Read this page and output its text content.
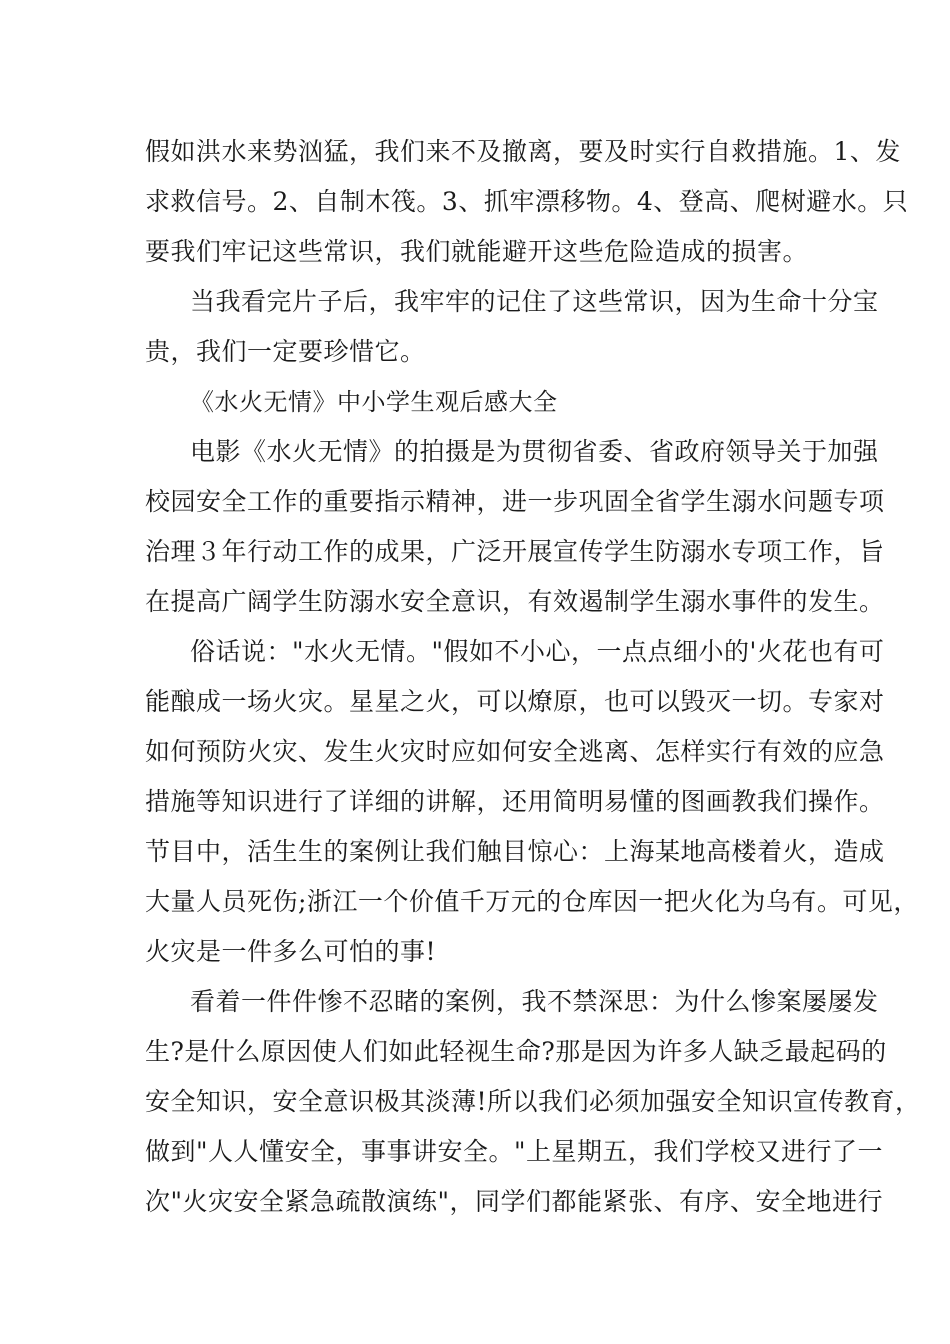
假如洪水来势汹猛，我们来不及撤离，要及时实行自救措施。1、发
求救信号。2、自制木筏。3、抓牢漂移物。4、登高、爬树避水。只
要我们牢记这些常识，我们就能避开这些危险造成的损害。
当我看完片子后，我牢牢的记住了这些常识，因为生命十分宝
贵，我们一定要珍惜它。
《水火无情》中小学生观后感大全
电影《水火无情》的拍摄是为贯彻省委、省政府领导关于加强
校园安全工作的重要指示精神，进一步巩固全省学生溺水问题专项
治理３年行动工作的成果，广泛开展宣传学生防溺水专项工作，旨
在提高广阔学生防溺水安全意识，有效遏制学生溺水事件的发生。
俗话说："水火无情。"假如不小心，一点点细小的'火花也有可
能酿成一场火灾。星星之火，可以燎原，也可以毁灭一切。专家对
如何预防火灾、发生火灾时应如何安全逃离、怎样实行有效的应急
措施等知识进行了详细的讲解，还用简明易懂的图画教我们操作。
节目中，活生生的案例让我们触目惊心：上海某地高楼着火，造成
大量人员死伤;浙江一个价值千万元的仓库因一把火化为乌有。可见，
火灾是一件多么可怕的事!
看着一件件惨不忍睹的案例，我不禁深思：为什么惨案屡屡发
生?是什么原因使人们如此轻视生命?那是因为许多人缺乏最起码的
安全知识，安全意识极其淡薄!所以我们必须加强安全知识宣传教育，
做到"人人懂安全，事事讲安全。"上星期五，我们学校又进行了一
次"火灾安全紧急疏散演练"，同学们都能紧张、有序、安全地进行
